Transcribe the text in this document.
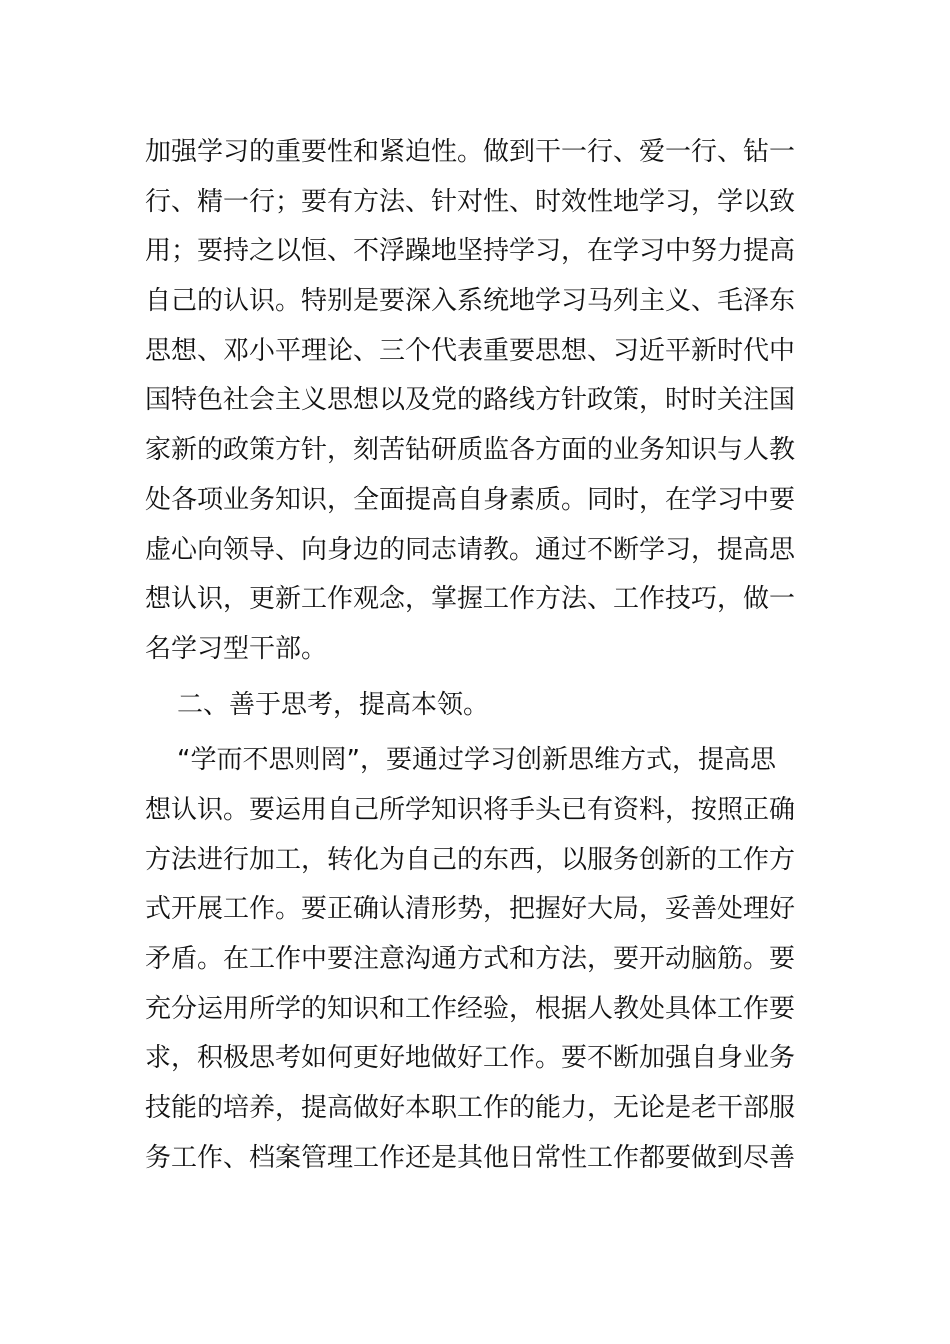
加强学习的重要性和紧迫性。做到干一行、爱一行、钻一
行、精一行；要有方法、针对性、时效性地学习，学以致
用；要持之以恒、不浮躁地坚持学习，在学习中努力提高
自己的认识。特别是要深入系统地学习马列主义、毛泽东
思想、邓小平理论、三个代表重要思想、习近平新时代中
国特色社会主义思想以及党的路线方针政策，时时关注国
家新的政策方针，刻苦钻研质监各方面的业务知识与人教
处各项业务知识，全面提高自身素质。同时，在学习中要
虚心向领导、向身边的同志请教。通过不断学习，提高思
想认识，更新工作观念，掌握工作方法、工作技巧，做一
名学习型干部。
二、善于思考，提高本领。
“学而不思则罔”，要通过学习创新思维方式，提高思
想认识。要运用自己所学知识将手头已有资料，按照正确
方法进行加工，转化为自己的东西，以服务创新的工作方
式开展工作。要正确认清形势，把握好大局，妥善处理好
矛盾。在工作中要注意沟通方式和方法，要开动脑筋。要
充分运用所学的知识和工作经验，根据人教处具体工作要
求，积极思考如何更好地做好工作。要不断加强自身业务
技能的培养，提高做好本职工作的能力，无论是老干部服
务工作、档案管理工作还是其他日常性工作都要做到尽善
